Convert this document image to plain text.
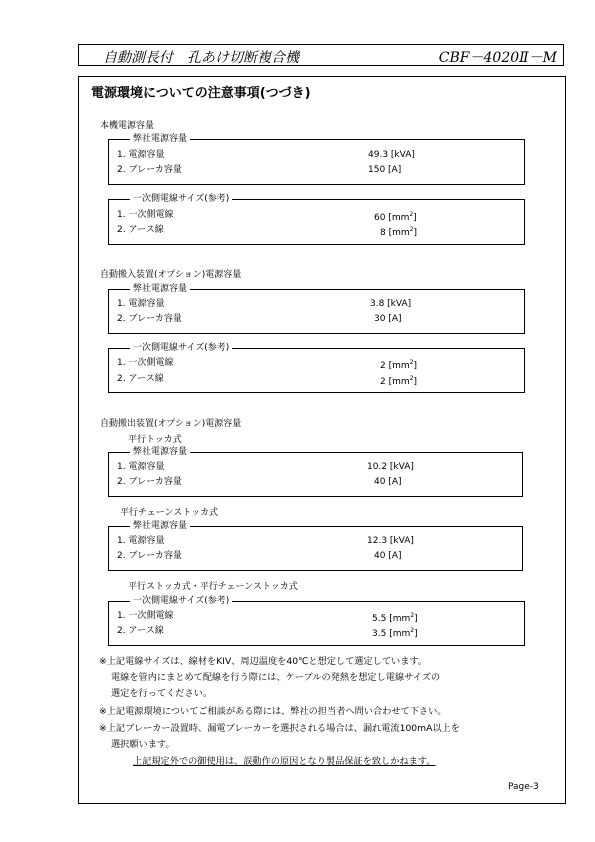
自動測長付　孔あけ切断複合機	CBF－4020Ⅱ－M
電源環境についての注意事項(つづき)
本機電源容量
弊社電源容量
1. 電源容量	49.3 [kVA]
2. ブレーカ容量	150 [A]
一次側電線サイズ(参考)
1. 一次側電線	60 $[mm^2]$
2. アース線	8 $[mm^2]$
自動搬入装置(オプション)電源容量
弊社電源容量
1. 電源容量	3.8 [kVA]
2. ブレーカ容量	30 [A]
一次側電線サイズ(参考)
1. 一次側電線	2 $[mm^2]$
2. アース線	2 $[mm^2]$
自動搬出装置(オプション)電源容量
平行トッカ式
弊社電源容量
1. 電源容量	10.2 [kVA]
2. ブレーカ容量	40 [A]
平行チェーンストッカ式
弊社電源容量
1. 電源容量	12.3 [kVA]
2. ブレーカ容量	40 [A]
平行ストッカ式・平行チェーンストッカ式
一次側電線サイズ(参考)
1. 一次側電線	5.5 $[mm^2]$
2. アース線	3.5 $[mm^2]$
※上記電線サイズは、線材をKIV、周辺温度を40℃と想定して選定しています。
電線を管内にまとめて配線を行う際には、ケーブルの発熱を想定し電線サイズの
選定を行ってください。
※上記電源環境についてご相談がある際には、弊社の担当者へ問い合わせて下さい。
※上記ブレーカー設置時、漏電ブレーカーを選択される場合は、漏れ電流100mA以上を
選択願います。
上記規定外での御使用は、誤動作の原因となり製品保証を致しかねます。
Page-3
